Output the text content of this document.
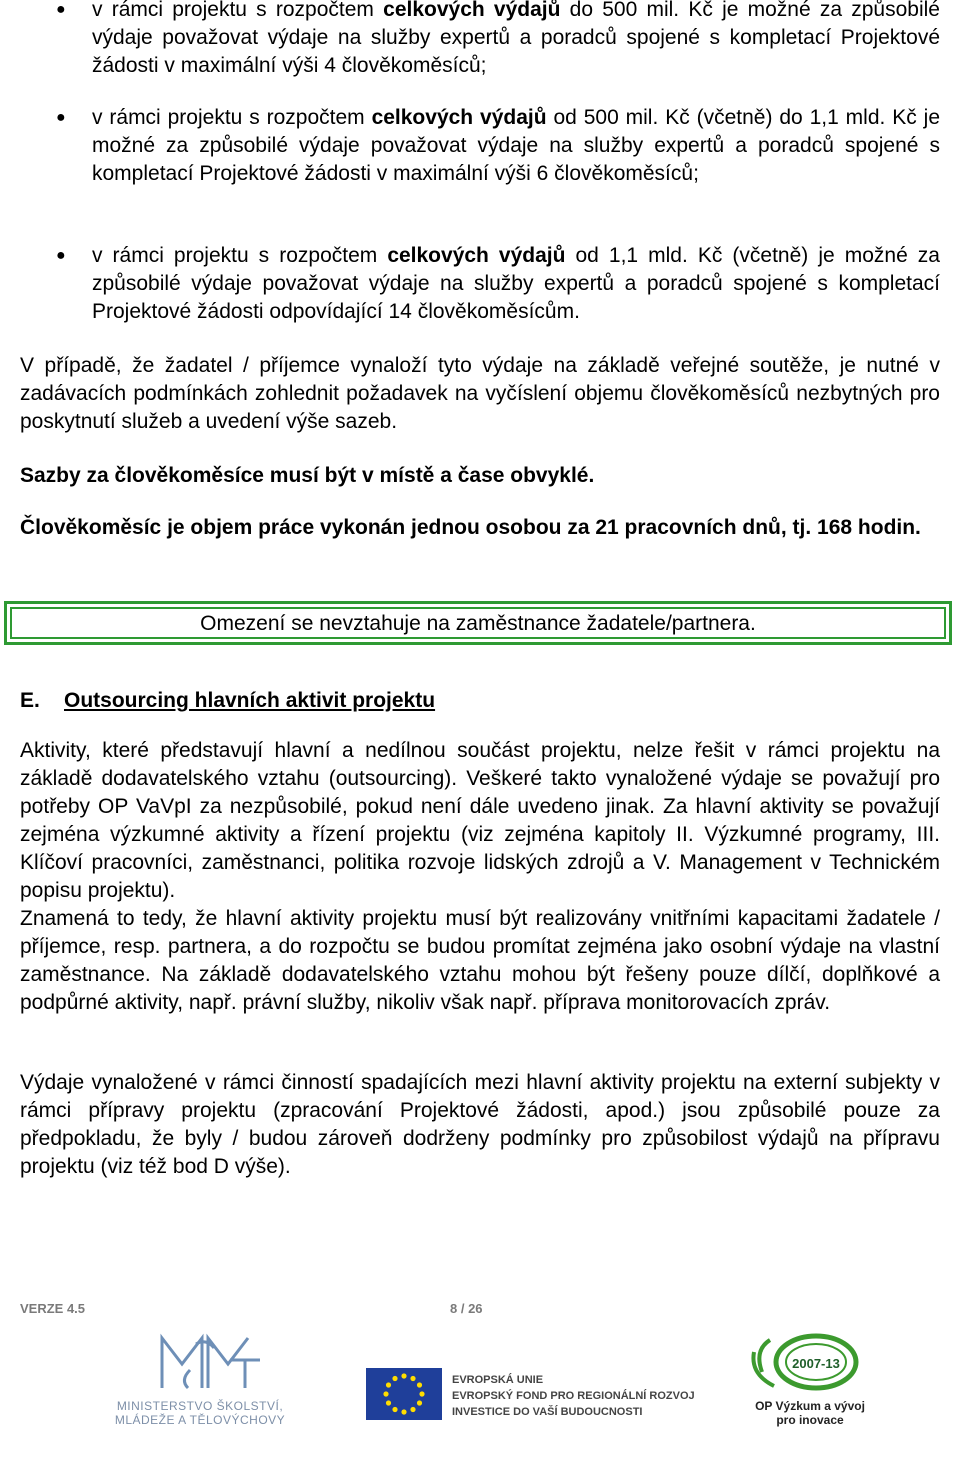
● v rámci projektu s rozpočtem celkových výdajů do 500 mil. Kč je možné za způsobilé výdaje považovat výdaje na služby expertů a poradců spojené s kompletací Projektové žádosti v maximální výši 4 člověkoměsíců;
● v rámci projektu s rozpočtem celkových výdajů od 500 mil. Kč (včetně) do 1,1 mld. Kč je možné za způsobilé výdaje považovat výdaje na služby expertů a poradců spojené s kompletací Projektové žádosti v maximální výši 6 člověkoměsíců;
● v rámci projektu s rozpočtem celkových výdajů od 1,1 mld. Kč (včetně) je možné za způsobilé výdaje považovat výdaje na služby expertů a poradců spojené s kompletací Projektové žádosti odpovídající 14 člověkoměsícům.

V případě, že žadatel / příjemce vynaloží tyto výdaje na základě veřejné soutěže, je nutné v zadávacích podmínkách zohlednit požadavek na vyčíslení objemu člověkoměsíců nezbytných pro poskytnutí služeb a uvedení výše sazeb.

Sazby za člověkoměsíce musí být v místě a čase obvyklé.

Člověkoměsíc je objem práce vykonán jednou osobou za 21 pracovních dnů, tj. 168 hodin.

Omezení se nevztahuje na zaměstnance žadatele/partnera.
E. Outsourcing hlavních aktivit projektu

Aktivity, které představují hlavní a nedílnou součást projektu, nelze řešit v rámci projektu na základě dodavatelského vztahu (outsourcing). Veškeré takto vynaložené výdaje se považují pro potřeby OP VaVpI za nezpůsobilé, pokud není dále uvedeno jinak. Za hlavní aktivity se považují zejména výzkumné aktivity a řízení projektu (viz zejména kapitoly II. Výzkumné programy, III. Klíčoví pracovníci, zaměstnanci, politika rozvoje lidských zdrojů a V. Management v Technickém popisu projektu).

Znamená to tedy, že hlavní aktivity projektu musí být realizovány vnitřními kapacitami žadatele / příjemce, resp. partnera, a do rozpočtu se budou promítat zejména jako osobní výdaje na vlastní zaměstnance. Na základě dodavatelského vztahu mohou být řešeny pouze dílčí, doplňkové a podpůrné aktivity, např. právní služby, nikoliv však např. příprava monitorovacích zpráv.

Výdaje vynaložené v rámci činností spadajících mezi hlavní aktivity projektu na externí subjekty v rámci přípravy projektu (zpracování Projektové žádosti, apod.) jsou způsobilé pouze za předpokladu, že byly / budou zároveň dodrženy podmínky pro způsobilost výdajů na přípravu projektu (viz též bod D výše).

VERZE 4.5	8 / 26
MINISTERSTVO ŠKOLSTVÍ,
MLÁDEŽE A TĚLOVÝCHOVY
EVROPSKÁ UNIE
EVROPSKÝ FOND PRO REGIONÁLNÍ ROZVOJ
INVESTICE DO VAŠÍ BUDOUCNOSTI
2007-13
OP Výzkum a vývoj
pro inovace
